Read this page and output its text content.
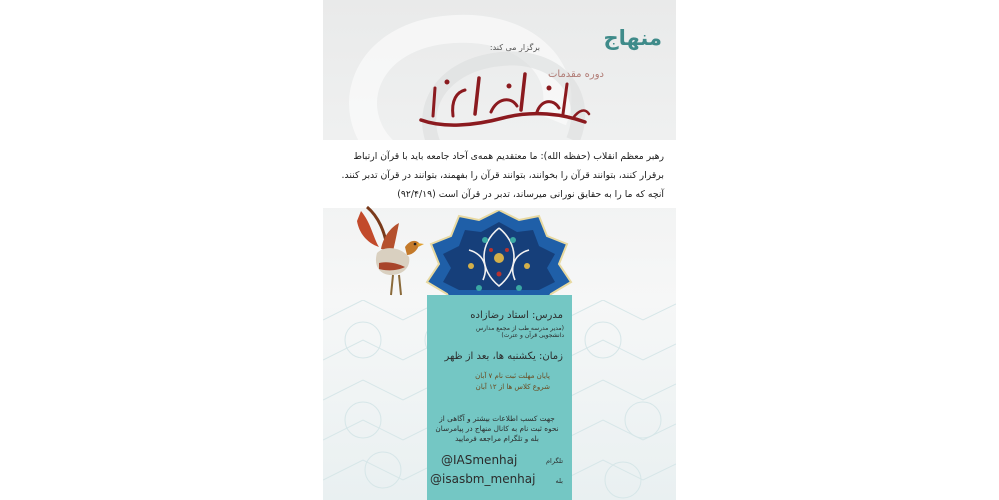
منهاج
برگزار می کند:
دوره مقدمات
رهبر معظم انقلاب (حفظه الله): ما معتقدیم همه‌ی آحاد جامعه باید با قرآن ارتباط برقرار کنند، بتوانند قرآن را بخوانند، بتوانند قرآن را بفهمند، بتوانند در قرآن تدبر کنند. آنچه که ما را به حقایق نورانی میرساند، تدبر در قرآن است (۹۲/۴/۱۹)
مدرس: استاد رضازاده
(مدیر مدرسه طب از مجمع مدارس دانشجویی قرآن و عترت)
زمان: یکشنبه ها، بعد از ظهر
پایان مهلت ثبت نام ۷ آبان
شروع کلاس ها از ۱۲ آبان
جهت کسب اطلاعات بیشتر و آگاهی از نحوه ثبت نام به کانال منهاج در پیامرسان بله و تلگرام مراجعه فرمایید
تلگرام
@IASmenhaj
بله
@isasbm_menhaj
